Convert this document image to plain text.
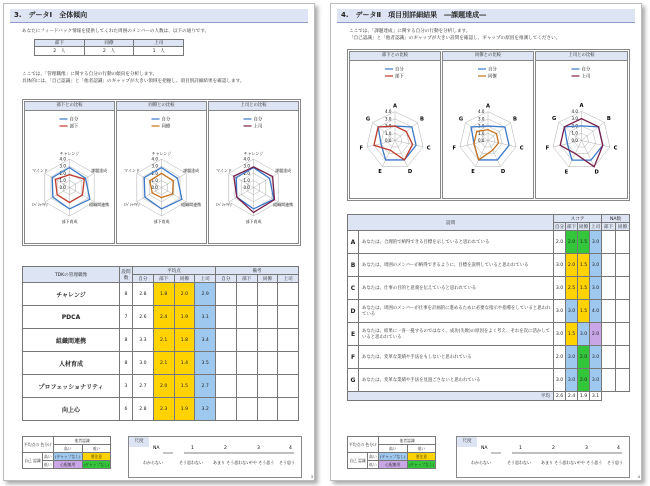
3.　データⅠ　全体傾向
あなたにフィードバック情報を提供してくれた周囲のメンバーの人数は、以下の通りです。
部下	同僚	上司
2　人	2　人	1　人
ここでは、「管理職像」に関する自分の行動の傾向を分析します。
具体的には、「自己認識」と「他者認識」のギャップが大きい領域を把握し、項目別詳細結果を確認します。
部下との比較
自分
部下
4.0
3.0
2.0
1.0
0.0
チャレンジ
課題達成
組織間連携
部下育成
ｴﾍﾟｼｬﾘﾃｨ
マインド
同僚との比較
自分
同僚
4.0
3.0
2.0
1.0
0.0
チャレンジ
課題達成
組織間連携
部下育成
ｴﾍﾟｼｬﾘﾃｨ
マインド
上司との比較
自分
上司
4.0
3.0
2.0
1.0
0.0
チャレンジ
課題達成
組織間連携
部下育成
ｴﾍﾟｼｬﾘﾃｨ
マインド
TDKの管理職像	設問数	平均点				備考			
		自分	部下	同僚	上司	自分	部下	同僚	上司
チャレンジ	8	2.8	1.8	2.0	2.9				
PDCA	7	2.6	2.4	1.9	3.1				
組織間連携	8	3.3	2.1	1.8	3.4				
人材育成	8	3.0	2.1	1.4	3.5				
プロフェッショナリティ	3	2.7	2.0	1.5	2.7				
向上心	6	2.8	2.3	1.9	3.2				
平均点の 色分け		他者認識	
		高い	低い
自己 認識	高い	(ギャップなし)	要注意
	低い	心配無用	(ギャップなし)
尺度
NA	1	2	3	4
わからない	そう思わない	あまり そう思わない
やや そう思う そう思う
3
4.　データⅡ　項目別詳細結果　―課題達成―
ここでは、「課題達成」に関する自分の行動を分析します。
「自己認識」と「他者認識」のギャップが大きい設問を確認し、ギャップの原因を推測してください。
部下との比較
自分
部下
4.0
3.0
2.0
1.0
0.0
A
B
C
D
E
F
G
同僚との比較
自分
同僚
4.0
3.0
2.0
1.0
0.0
A
B
C
D
E
F
G
上司との比較
自分
上司
4.0
3.0
2.0
1.0
0.0
A
B
C
D
E
F
G
設問		スコア				NA数	
		自分	部下	同僚	上司	部下	同僚
A	あなたは、合理的で納得できる目標を示していると思われている	2.0	2.0	1.5	3.0		
B	あなたは、周囲のメンバーが納得できるように、目標を説明していると思われている	3.0	2.0	1.5	3.0		
C	あなたは、仕事の目的と意義を伝えていると思われている	3.0	2.5	1.5	3.0		
D	あなたは、周囲のメンバーが仕事を計画的に進めるために必要な指示や指導をしていると思われている	3.0	3.0	1.5	4.0		
E	あなたは、結果に一喜一憂するのではなく、成功(失敗)の原因をよく考え、それを次に活かしていると思われている	3.0	1.5	3.0	2.0		
F	あなたは、変革な業績や手法をもしないと思われている	2.0	3.0	2.0	3.0		
G	あなたは、変革な業績や手法を見過ごさないと思われている	3.0	3.0	2.0	3.0		
平均		2.6	2.4	1.9	3.1		
平均点の 色分け		他者認識	
		高い	低い
自己 認識	高い	(ギャップなし)	要注意
	低い	心配無用	(ギャップなし)
尺度
NA	1	2	3	4
わからない	そう思わない	あまり そう思わない
やや そう思う そう思う
4
